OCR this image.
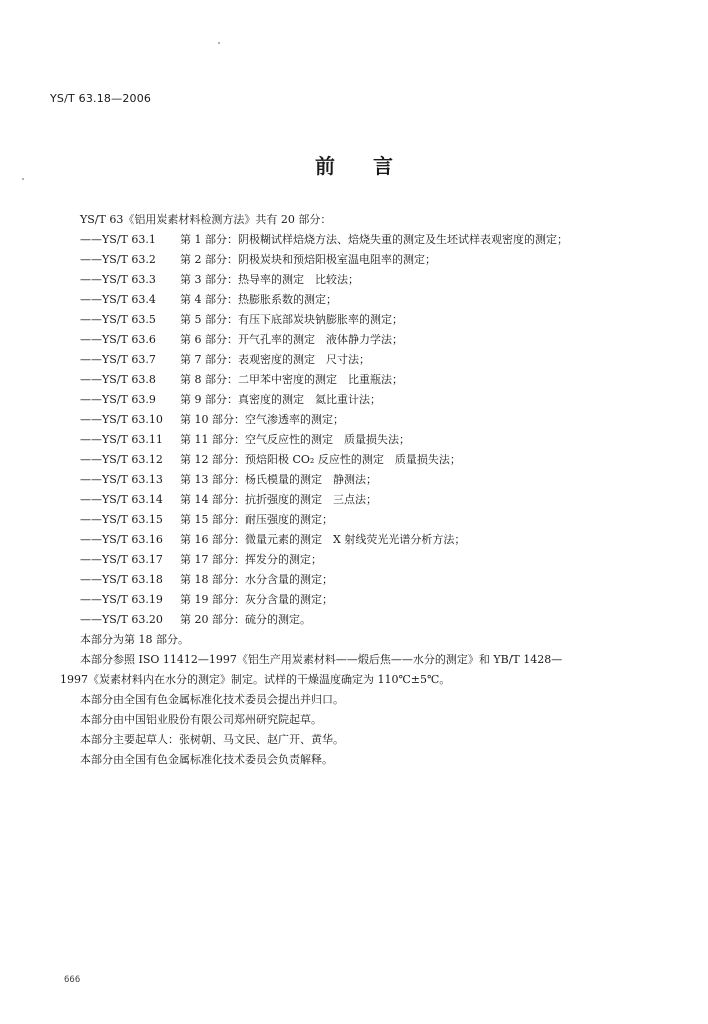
YS/T 63.18—2006
前言
YS/T 63《铝用炭素材料检测方法》共有 20 部分：
——YS/T 63.1 第 1 部分：阴极糊试样焙烧方法、焙烧失重的测定及生坯试样表观密度的测定；
——YS/T 63.2 第 2 部分：阴极炭块和预焙阳极室温电阻率的测定；
——YS/T 63.3 第 3 部分：热导率的测定　比较法；
——YS/T 63.4 第 4 部分：热膨胀系数的测定；
——YS/T 63.5 第 5 部分：有压下底部炭块钠膨胀率的测定；
——YS/T 63.6 第 6 部分：开气孔率的测定　液体静力学法；
——YS/T 63.7 第 7 部分：表观密度的测定　尺寸法；
——YS/T 63.8 第 8 部分：二甲苯中密度的测定　比重瓶法；
——YS/T 63.9 第 9 部分：真密度的测定　氦比重计法；
——YS/T 63.10 第 10 部分：空气渗透率的测定；
——YS/T 63.11 第 11 部分：空气反应性的测定　质量损失法；
——YS/T 63.12 第 12 部分：预焙阳极 CO₂ 反应性的测定　质量损失法；
——YS/T 63.13 第 13 部分：杨氏模量的测定　静测法；
——YS/T 63.14 第 14 部分：抗折强度的测定　三点法；
——YS/T 63.15 第 15 部分：耐压强度的测定；
——YS/T 63.16 第 16 部分：微量元素的测定　X 射线荧光光谱分析方法；
——YS/T 63.17 第 17 部分：挥发分的测定；
——YS/T 63.18 第 18 部分：水分含量的测定；
——YS/T 63.19 第 19 部分：灰分含量的测定；
——YS/T 63.20 第 20 部分：硫分的测定。
本部分为第 18 部分。
本部分参照 ISO 11412—1997《铝生产用炭素材料——煅后焦——水分的测定》和 YB/T 1428—
1997《炭素材料内在水分的测定》制定。试样的干燥温度确定为 110℃±5℃。
本部分由全国有色金属标准化技术委员会提出并归口。
本部分由中国铝业股份有限公司郑州研究院起草。
本部分主要起草人：张树朝、马文民、赵广开、黄华。
本部分由全国有色金属标准化技术委员会负责解释。
666
